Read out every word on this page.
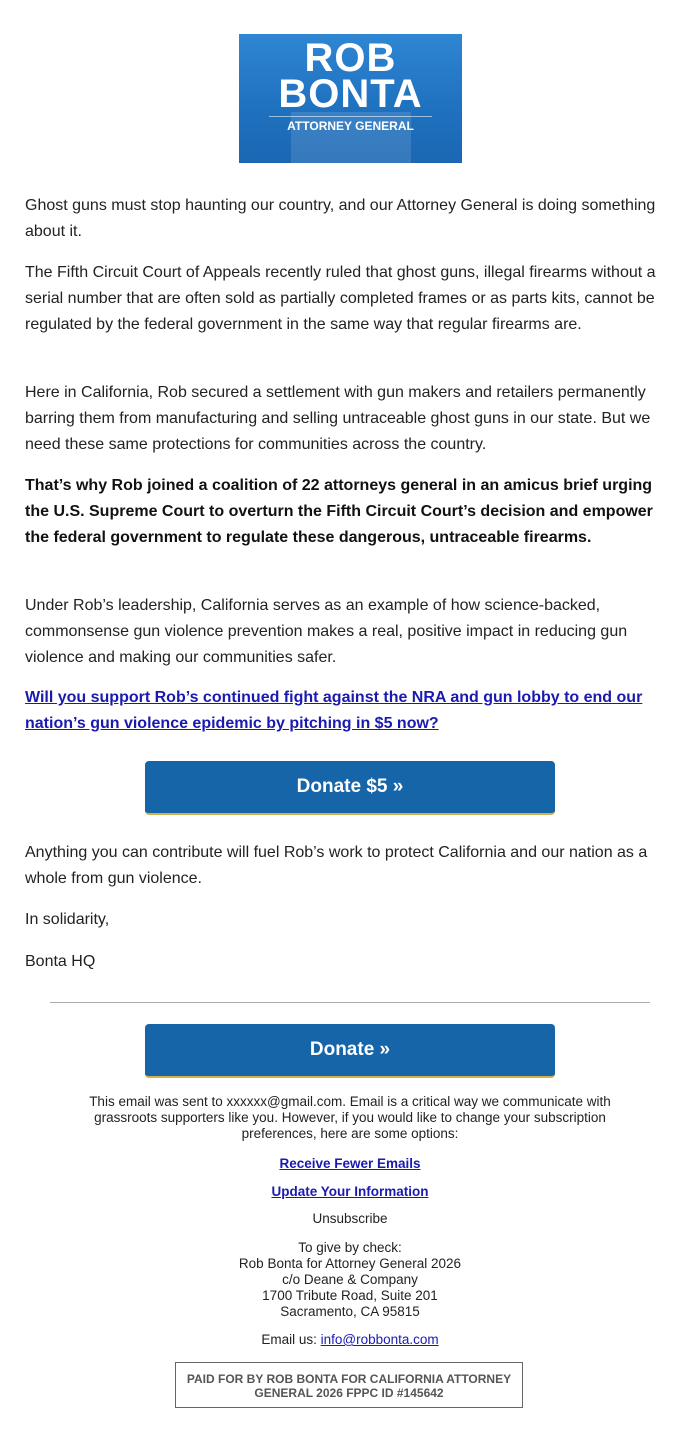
ROB
BONTA
ATTORNEY GENERAL

Ghost guns must stop haunting our country, and our Attorney General is doing something about it.

The Fifth Circuit Court of Appeals recently ruled that ghost guns, illegal firearms without a serial number that are often sold as partially completed frames or as parts kits, cannot be regulated by the federal government in the same way that regular firearms are.

Here in California, Rob secured a settlement with gun makers and retailers permanently barring them from manufacturing and selling untraceable ghost guns in our state. But we need these same protections for communities across the country.

That’s why Rob joined a coalition of 22 attorneys general in an amicus brief urging the U.S. Supreme Court to overturn the Fifth Circuit Court’s decision and empower the federal government to regulate these dangerous, untraceable firearms.

Under Rob’s leadership, California serves as an example of how science-backed, commonsense gun violence prevention makes a real, positive impact in reducing gun violence and making our communities safer.

Will you support Rob’s continued fight against the NRA and gun lobby to end our nation’s gun violence epidemic by pitching in $5 now?
Donate $5 »

Anything you can contribute will fuel Rob’s work to protect California and our nation as a whole from gun violence.

In solidarity,

Bonta HQ

Donate »
This email was sent to xxxxxx@gmail.com. Email is a critical way we communicate with grassroots supporters like you. However, if you would like to change your subscription preferences, here are some options:
Receive Fewer Emails
Update Your Information
Unsubscribe
To give by check:
Rob Bonta for Attorney General 2026
c/o Deane & Company
1700 Tribute Road, Suite 201
Sacramento, CA 95815
Email us: info@robbonta.com
PAID FOR BY ROB BONTA FOR CALIFORNIA ATTORNEY GENERAL 2026 FPPC ID #145642
